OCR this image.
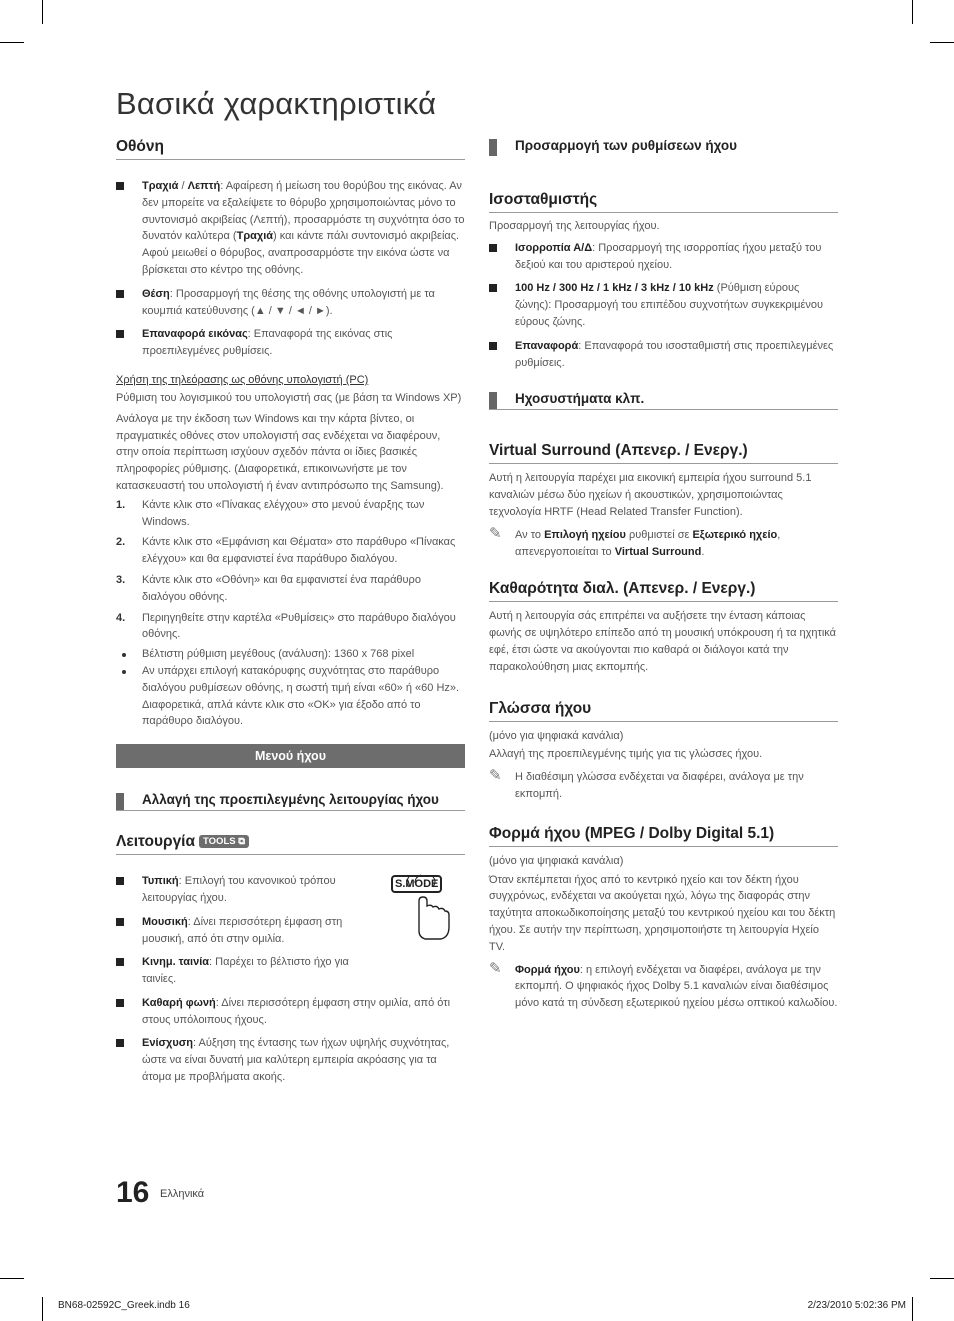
Βασικά χαρακτηριστικά
Οθόνη
Τραχιά / Λεπτή: Αφαίρεση ή μείωση του θορύβου της εικόνας. Αν δεν μπορείτε να εξαλείψετε το θόρυβο χρησιμοποιώντας μόνο το συντονισμό ακριβείας (Λεπτή), προσαρμόστε τη συχνότητα όσο το δυνατόν καλύτερα (Τραχιά) και κάντε πάλι συντονισμό ακριβείας. Αφού μειωθεί ο θόρυβος, αναπροσαρμόστε την εικόνα ώστε να βρίσκεται στο κέντρο της οθόνης.
Θέση: Προσαρμογή της θέσης της οθόνης υπολογιστή με τα κουμπιά κατεύθυνσης (▲ / ▼ / ◄ / ►).
Επαναφορά εικόνας: Επαναφορά της εικόνας στις προεπιλεγμένες ρυθμίσεις.
Χρήση της τηλεόρασης ως οθόνης υπολογιστή (PC)
Ρύθμιση του λογισμικού του υπολογιστή σας (με βάση τα Windows XP)
Ανάλογα με την έκδοση των Windows και την κάρτα βίντεο, οι πραγματικές οθόνες στον υπολογιστή σας ενδέχεται να διαφέρουν, στην οποία περίπτωση ισχύουν σχεδόν πάντα οι ίδιες βασικές πληροφορίες ρύθμισης. (Διαφορετικά, επικοινωνήστε με τον κατασκευαστή του υπολογιστή ή έναν αντιπρόσωπο της Samsung).
1. Κάντε κλικ στο «Πίνακας ελέγχου» στο μενού έναρξης των Windows.
2. Κάντε κλικ στο «Εμφάνιση και Θέματα» στο παράθυρο «Πίνακας ελέγχου» και θα εμφανιστεί ένα παράθυρο διαλόγου.
3. Κάντε κλικ στο «Οθόνη» και θα εμφανιστεί ένα παράθυρο διαλόγου οθόνης.
4. Περιηγηθείτε στην καρτέλα «Ρυθμίσεις» στο παράθυρο διαλόγου οθόνης.
Βέλτιστη ρύθμιση μεγέθους (ανάλυση): 1360 x 768 pixel
Αν υπάρχει επιλογή κατακόρυφης συχνότητας στο παράθυρο διαλόγου ρυθμίσεων οθόνης, η σωστή τιμή είναι «60» ή «60 Hz». Διαφορετικά, απλά κάντε κλικ στο «OK» για έξοδο από το παράθυρο διαλόγου.
Μενού ήχου
Αλλαγή της προεπιλεγμένης λειτουργίας ήχου
Λειτουργία TOOLS ⧉
S.MODE
Τυπική: Επιλογή του κανονικού τρόπου λειτουργίας ήχου.
Μουσική: Δίνει περισσότερη έμφαση στη μουσική, από ότι στην ομιλία.
Κινημ. ταινία: Παρέχει το βέλτιστο ήχο για ταινίες.
Καθαρή φωνή: Δίνει περισσότερη έμφαση στην ομιλία, από ότι στους υπόλοιπους ήχους.
Ενίσχυση: Αύξηση της έντασης των ήχων υψηλής συχνότητας, ώστε να είναι δυνατή μια καλύτερη εμπειρία ακρόασης για τα άτομα με προβλήματα ακοής.
Προσαρμογή των ρυθμίσεων ήχου
Ισοσταθμιστής
Προσαρμογή της λειτουργίας ήχου.
Ισορροπία Α/Δ: Προσαρμογή της ισορροπίας ήχου μεταξύ του δεξιού και του αριστερού ηχείου.
100 Hz / 300 Hz / 1 kHz / 3 kHz / 10 kHz (Ρύθμιση εύρους ζώνης): Προσαρμογή του επιπέδου συχνοτήτων συγκεκριμένου εύρους ζώνης.
Επαναφορά: Επαναφορά του ισοσταθμιστή στις προεπιλεγμένες ρυθμίσεις.
Ηχοσυστήματα κλπ.
Virtual Surround (Απενερ. / Ενεργ.)
Αυτή η λειτουργία παρέχει μια εικονική εμπειρία ήχου surround 5.1 καναλιών μέσω δύο ηχείων ή ακουστικών, χρησιμοποιώντας τεχνολογία HRTF (Head Related Transfer Function).
✎ Αν το Επιλογή ηχείου ρυθμιστεί σε Εξωτερικό ηχείο, απενεργοποιείται το Virtual Surround.
Καθαρότητα διαλ. (Απενερ. / Ενεργ.)
Αυτή η λειτουργία σάς επιτρέπει να αυξήσετε την ένταση κάποιας φωνής σε υψηλότερο επίπεδο από τη μουσική υπόκρουση ή τα ηχητικά εφέ, έτσι ώστε να ακούγονται πιο καθαρά οι διάλογοι κατά την παρακολούθηση μιας εκπομπής.
Γλώσσα ήχου
(μόνο για ψηφιακά κανάλια)
Αλλαγή της προεπιλεγμένης τιμής για τις γλώσσες ήχου.
✎ Η διαθέσιμη γλώσσα ενδέχεται να διαφέρει, ανάλογα με την εκπομπή.
Φορμά ήχου (MPEG / Dolby Digital 5.1)
(μόνο για ψηφιακά κανάλια)
Όταν εκπέμπεται ήχος από το κεντρικό ηχείο και τον δέκτη ήχου συγχρόνως, ενδέχεται να ακούγεται ηχώ, λόγω της διαφοράς στην ταχύτητα αποκωδικοποίησης μεταξύ του κεντρικού ηχείου και του δέκτη ήχου. Σε αυτήν την περίπτωση, χρησιμοποιήστε τη λειτουργία Ηχείο TV.
✎ Φορμά ήχου: η επιλογή ενδέχεται να διαφέρει, ανάλογα με την εκπομπή. Ο ψηφιακός ήχος Dolby 5.1 καναλιών είναι διαθέσιμος μόνο κατά τη σύνδεση εξωτερικού ηχείου μέσω οπτικού καλωδίου.
16 Ελληνικά
BN68-02592C_Greek.indb 16	2/23/2010 5:02:36 PM
